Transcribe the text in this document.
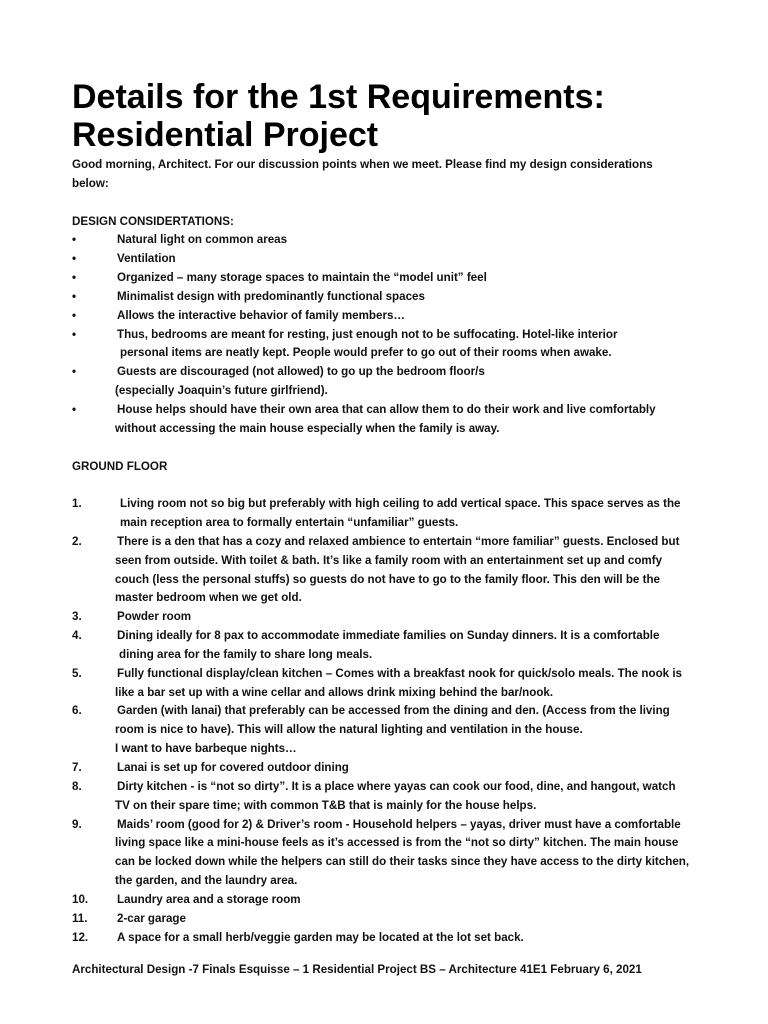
Details for the 1st Requirements:
Residential Project
Good morning, Architect. For our discussion points when we meet. Please find my design considerations
below:
DESIGN CONSIDERTATIONS:
•	Natural light on common areas
•	Ventilation
•	Organized – many storage spaces to maintain the “model unit” feel
•	Minimalist design with predominantly functional spaces
•	Allows the interactive behavior of family members…
•	Thus, bedrooms are meant for resting, just enough not to be suffocating. Hotel-like interior
personal items are neatly kept. People would prefer to go out of their rooms when awake.
•	Guests are discouraged (not allowed) to go up the bedroom floor/s
(especially Joaquin’s future girlfriend).
•	House helps should have their own area that can allow them to do their work and live comfortably
without accessing the main house especially when the family is away.
GROUND FLOOR
1.	Living room not so big but preferably with high ceiling to add vertical space. This space serves as the
main reception area to formally entertain “unfamiliar” guests.
2.	There is a den that has a cozy and relaxed ambience to entertain “more familiar” guests. Enclosed but
seen from outside. With toilet & bath. It’s like a family room with an entertainment set up and comfy
couch (less the personal stuffs) so guests do not have to go to the family floor. This den will be the
master bedroom when we get old.
3.	Powder room
4.	Dining ideally for 8 pax to accommodate immediate families on Sunday dinners. It is a comfortable
dining area for the family to share long meals.
5.	Fully functional display/clean kitchen – Comes with a breakfast nook for quick/solo meals. The nook is
like a bar set up with a wine cellar and allows drink mixing behind the bar/nook.
6.	Garden (with lanai) that preferably can be accessed from the dining and den. (Access from the living
room is nice to have). This will allow the natural lighting and ventilation in the house.
I want to have barbeque nights…
7.	Lanai is set up for covered outdoor dining
8.	Dirty kitchen - is “not so dirty”. It is a place where yayas can cook our food, dine, and hangout, watch
TV on their spare time; with common T&B that is mainly for the house helps.
9.	Maids’ room (good for 2) & Driver’s room - Household helpers – yayas, driver must have a comfortable
living space like a mini-house feels as it’s accessed is from the “not so dirty” kitchen. The main house
can be locked down while the helpers can still do their tasks since they have access to the dirty kitchen,
the garden, and the laundry area.
10.	Laundry area and a storage room
11.	2-car garage
12.	A space for a small herb/veggie garden may be located at the lot set back.
Architectural Design -7 Finals Esquisse – 1 Residential Project BS – Architecture 41E1 February 6, 2021
